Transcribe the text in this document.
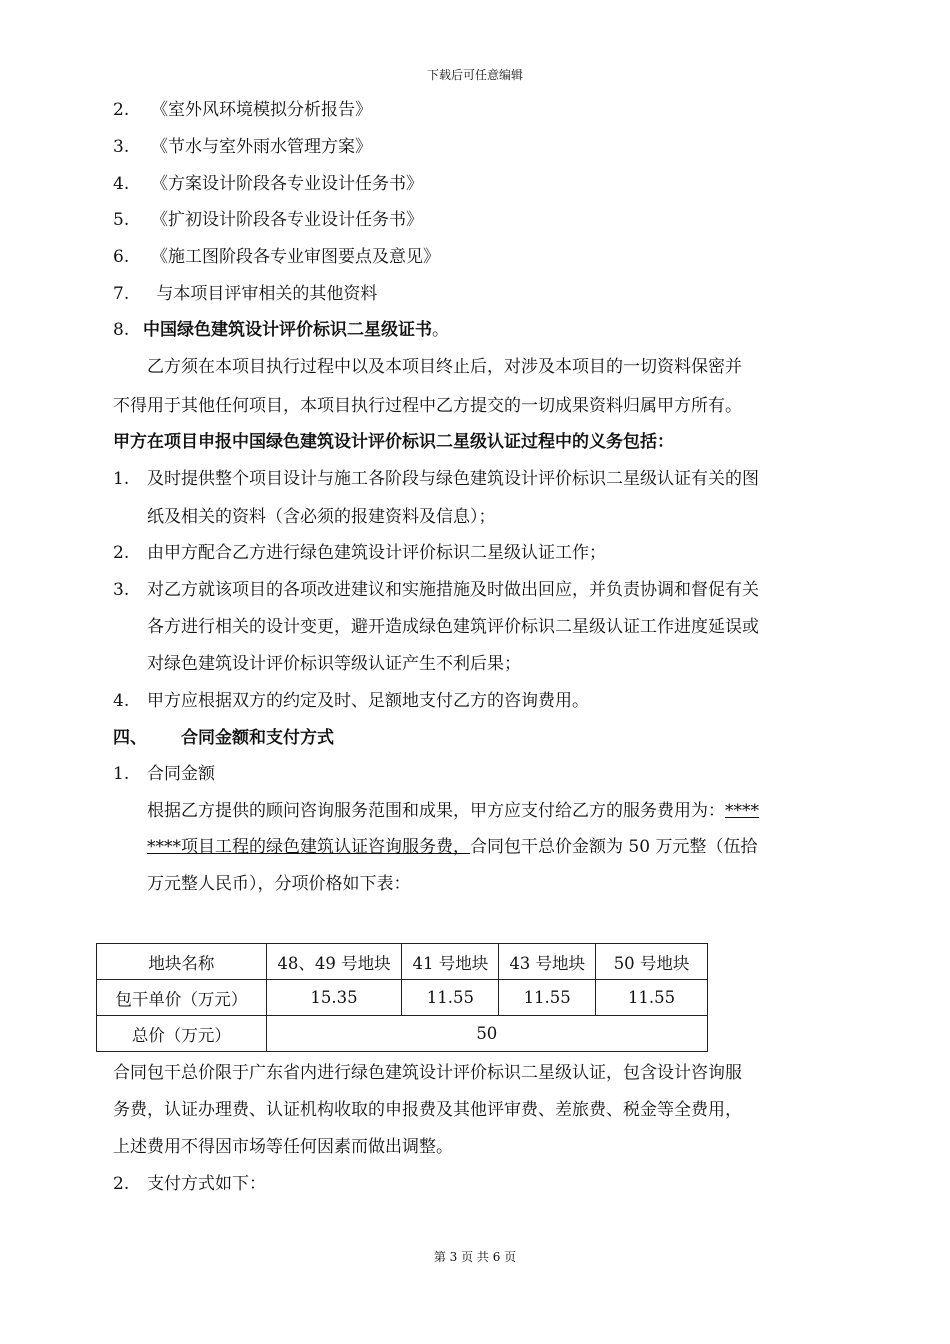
下载后可任意编辑
2. 《室外风环境模拟分析报告》
3. 《节水与室外雨水管理方案》
4. 《方案设计阶段各专业设计任务书》
5. 《扩初设计阶段各专业设计任务书》
6. 《施工图阶段各专业审图要点及意见》
7. 与本项目评审相关的其他资料
8. 中国绿色建筑设计评价标识二星级证书。
乙方须在本项目执行过程中以及本项目终止后，对涉及本项目的一切资料保密并
不得用于其他任何项目，本项目执行过程中乙方提交的一切成果资料归属甲方所有。
甲方在项目申报中国绿色建筑设计评价标识二星级认证过程中的义务包括：
1. 及时提供整个项目设计与施工各阶段与绿色建筑设计评价标识二星级认证有关的图
纸及相关的资料（含必须的报建资料及信息）；
2. 由甲方配合乙方进行绿色建筑设计评价标识二星级认证工作；
3. 对乙方就该项目的各项改进建议和实施措施及时做出回应，并负责协调和督促有关
各方进行相关的设计变更，避开造成绿色建筑评价标识二星级认证工作进度延误或
对绿色建筑设计评价标识等级认证产生不利后果；
4. 甲方应根据双方的约定及时、足额地支付乙方的咨询费用。
四、 合同金额和支付方式
1. 合同金额
根据乙方提供的顾问咨询服务范围和成果，甲方应支付给乙方的服务费用为：****
****项目工程的绿色建筑认证咨询服务费，合同包干总价金额为 50 万元整（伍拾
万元整人民币），分项价格如下表：
地块名称	48、49 号地块	41 号地块	43 号地块	50 号地块
包干单价（万元）	15.35	11.55	11.55	11.55
总价（万元）	50			
合同包干总价限于广东省内进行绿色建筑设计评价标识二星级认证，包含设计咨询服
务费，认证办理费、认证机构收取的申报费及其他评审费、差旅费、税金等全费用，
上述费用不得因市场等任何因素而做出调整。
2. 支付方式如下：
第 3 页 共 6 页
